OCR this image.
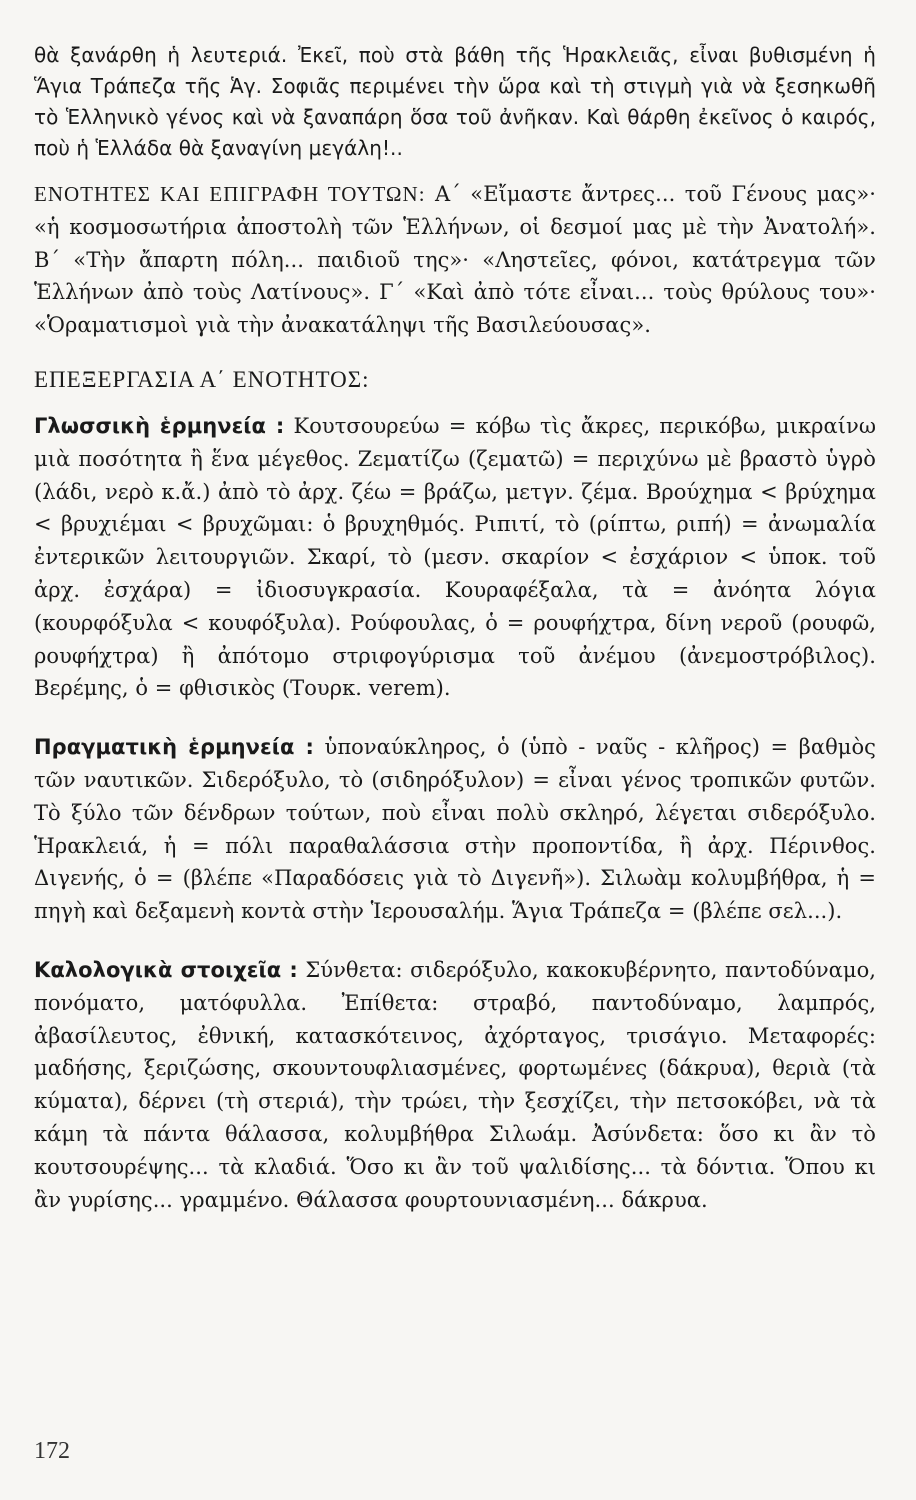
θὰ ξανάρθη ἡ λευτεριά. Ἐκεῖ, ποὺ στὰ βάθη τῆς Ἡρακλειᾶς, εἶναι βυθισμένη ἡ Ἅγια Τράπεζα τῆς Ἁγ. Σοφιᾶς περιμένει τὴν ὥρα καὶ τὴ στιγμὴ γιὰ νὰ ξεσηκωθῆ τὸ Ἑλληνικὸ γένος καὶ νὰ ξαναπάρη ὅσα τοῦ ἀνῆκαν. Καὶ θάρθη ἐκεῖνος ὁ καιρός, ποὺ ἡ Ἑλλάδα θὰ ξαναγίνη μεγάλη!..

ΕΝΟΤΗΤΕΣ ΚΑΙ ΕΠΙΓΡΑΦΗ ΤΟΥΤΩΝ: Α΄ «Εἴμαστε ἄντρες... τοῦ Γένους μας»· «ἡ κοσμοσωτήρια ἀποστολὴ τῶν Ἑλλήνων, οἱ δεσμοί μας μὲ τὴν Ἀνατολή». Β΄ «Τὴν ἄπαρτη πόλη... παιδιοῦ της»· «Ληστεῖες, φόνοι, κατάτρεγμα τῶν Ἑλλήνων ἀπὸ τοὺς Λατίνους». Γ΄ «Καὶ ἀπὸ τότε εἶναι... τοὺς θρύλους του»· «Ὁραματισμοὶ γιὰ τὴν ἀνακατάληψι τῆς Βασιλεύουσας».

ΕΠΕΞΕΡΓΑΣΙΑ Α΄ ΕΝΟΤΗΤΟΣ:

Γλωσσικὴ ἑρμηνεία : Κουτσουρεύω = κόβω τὶς ἄκρες, περικόβω, μικραίνω μιὰ ποσότητα ἢ ἕνα μέγεθος. Ζεματίζω (ζεματῶ) = περιχύνω μὲ βραστὸ ὑγρὸ (λάδι, νερὸ κ.ἄ.) ἀπὸ τὸ ἀρχ. ζέω = βράζω, μετγν. ζέμα. Βρούχημα < βρύχημα < βρυχιέμαι < βρυχῶμαι: ὁ βρυχηθμός. Ριπιτί, τὸ (ρίπτω, ριπή) = ἀνωμαλία ἐντερικῶν λειτουργιῶν. Σκαρί, τὸ (μεσν. σκαρίον < ἐσχάριον < ὑποκ. τοῦ ἀρχ. ἐσχάρα) = ἰδιοσυγκρασία. Κουραφέξαλα, τὰ = ἀνόητα λόγια (κουρφόξυλα < κουφόξυλα). Ρούφουλας, ὁ = ρουφήχτρα, δίνη νεροῦ (ρουφῶ, ρουφήχτρα) ἢ ἀπότομο στριφογύρισμα τοῦ ἀνέμου (ἀνεμοστρόβιλος). Βερέμης, ὁ = φθισικὸς (Τουρκ. verem).

Πραγματικὴ ἑρμηνεία : ὑποναύκληρος, ὁ (ὑπὸ - ναῦς - κλῆρος) = βαθμὸς τῶν ναυτικῶν. Σιδερόξυλο, τὸ (σιδηρόξυλον) = εἶναι γένος τροπικῶν φυτῶν. Τὸ ξύλο τῶν δένδρων τούτων, ποὺ εἶναι πολὺ σκληρό, λέγεται σιδερόξυλο. Ἡρακλειά, ἡ = πόλι παραθαλάσσια στὴν προποντίδα, ἢ ἀρχ. Πέρινθος. Διγενής, ὁ = (βλέπε «Παραδόσεις γιὰ τὸ Διγενῆ»). Σιλωὰμ κολυμβήθρα, ἡ = πηγὴ καὶ δεξαμενὴ κοντὰ στὴν Ἱερουσαλήμ. Ἅγια Τράπεζα = (βλέπε σελ...).

Καλολογικὰ στοιχεῖα : Σύνθετα: σιδερόξυλο, κακοκυβέρνητο, παντοδύναμο, πονόματο, ματόφυλλα. Ἐπίθετα: στραβό, παντοδύναμο, λαμπρός, ἀβασίλευτος, ἐθνική, κατασκότεινος, ἀχόρταγος, τρισάγιο. Μεταφορές: μαδήσης, ξεριζώσης, σκουντουφλιασμένες, φορτωμένες (δάκρυα), θεριὰ (τὰ κύματα), δέρνει (τὴ στεριά), τὴν τρώει, τὴν ξεσχίζει, τὴν πετσοκόβει, νὰ τὰ κάμη τὰ πάντα θάλασσα, κολυμβήθρα Σιλωάμ. Ἀσύνδετα: ὅσο κι ἂν τὸ κουτσουρέψης... τὰ κλαδιά. Ὅσο κι ἂν τοῦ ψαλιδίσης... τὰ δόντια. Ὅπου κι ἂν γυρίσης... γραμμένο. Θάλασσα φουρτουνιασμένη... δάκρυα.

172
